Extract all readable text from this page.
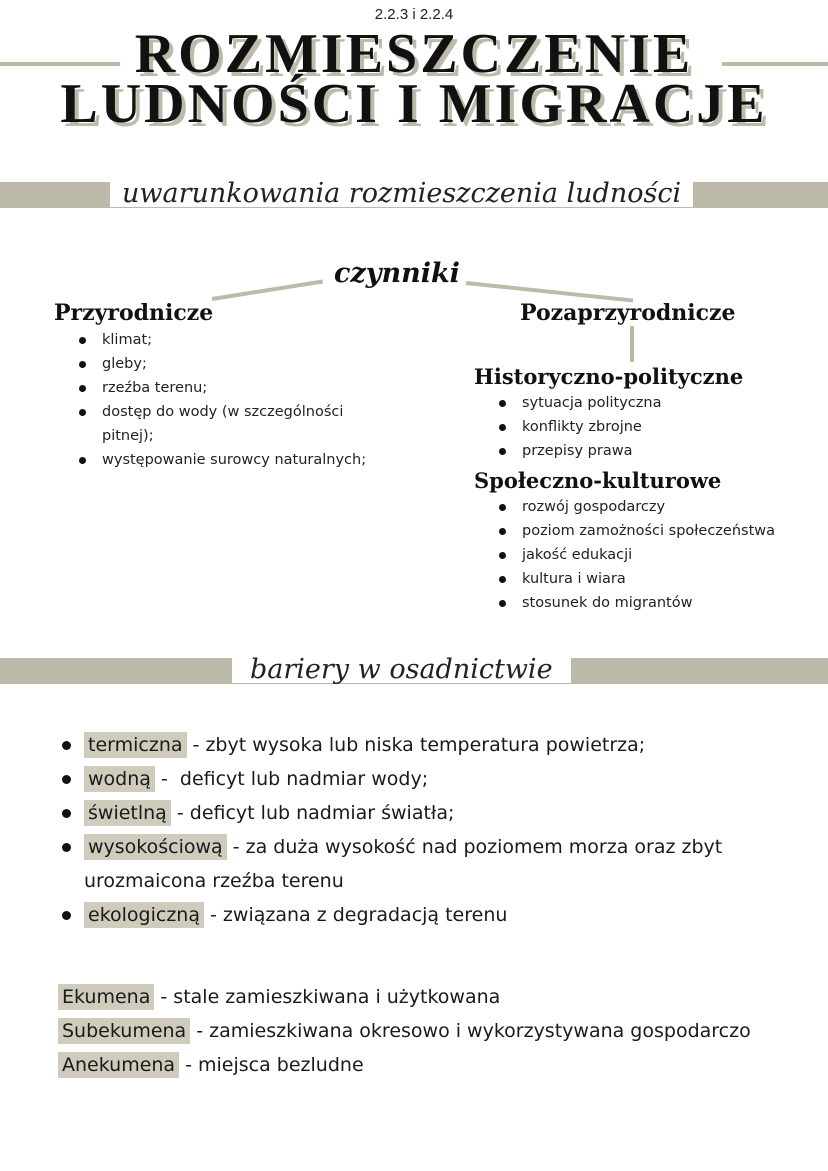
2.2.3 i 2.2.4
ROZMIESZCZENIE
LUDNOŚCI I MIGRACJE
uwarunkowania rozmieszczenia ludności
czynniki
Przyrodnicze
klimat;
gleby;
rzeźba terenu;
dostęp do wody (w szczególności pitnej);
występowanie surowcy naturalnych;
Pozaprzyrodnicze
Historyczno-polityczne
sytuacja polityczna
konflikty zbrojne
przepisy prawa
Społeczno-kulturowe
rozwój gospodarczy
poziom zamożności społeczeństwa
jakość edukacji
kultura i wiara
stosunek do migrantów
bariery w osadnictwie
termiczna - zbyt wysoka lub niska temperatura powietrza;
wodną -  deficyt lub nadmiar wody;
świetlną - deficyt lub nadmiar światła;
wysokościową - za duża wysokość nad poziomem morza oraz zbyt urozmaicona rzeźba terenu
ekologiczną - związana z degradacją terenu
Ekumena - stale zamieszkiwana i użytkowana
Subekumena - zamieszkiwana okresowo i wykorzystywana gospodarczo
Anekumena - miejsca bezludne
